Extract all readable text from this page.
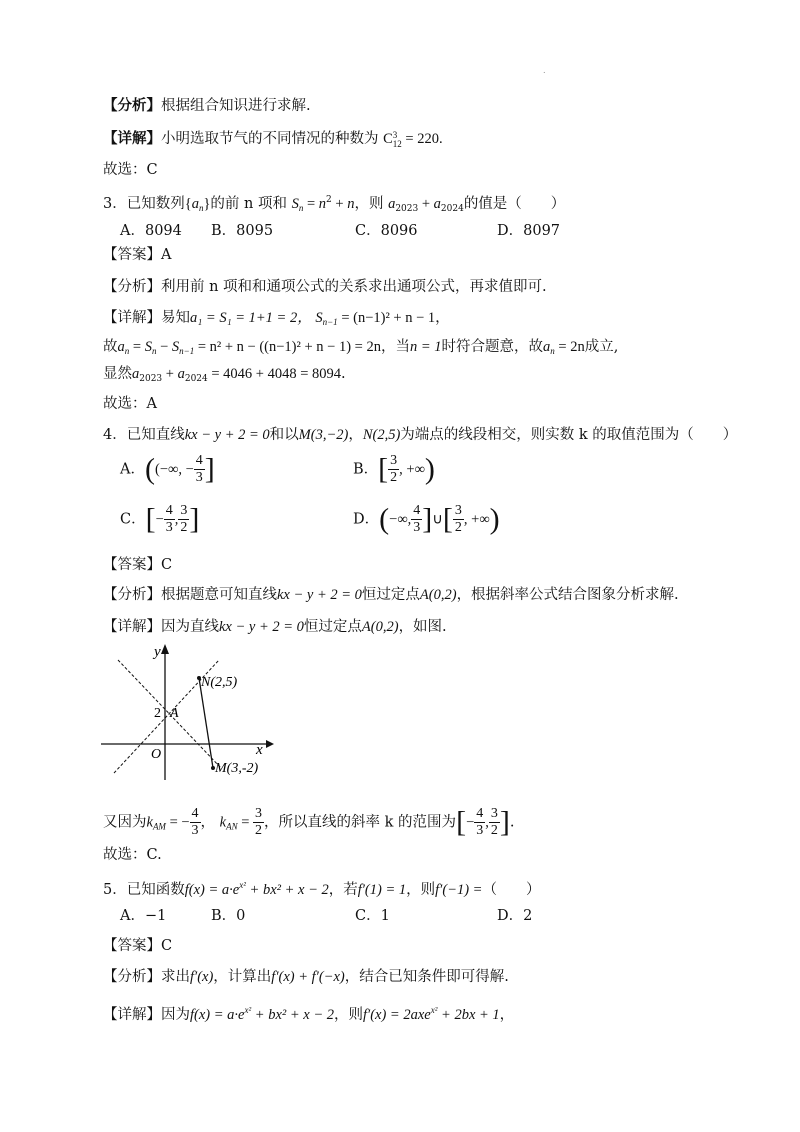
.
【分析】根据组合知识进行求解.
【详解】小明选取节气的不同情况的种数为 C 3
12 = 220.
故选：C
3．已知数列$\{a_n\}$的前 n 项和 $S_n = n^2 + n$，则 $a_{2023} + a_{2024}$的值是（　　）
A．8094 B．8095	C．8096	D．8097
【答案】A
【分析】利用前 n 项和和通项公式的关系求出通项公式，再求值即可.
【详解】易知a₁ = S₁ = 1+1 = 2， $S_{n-1} = (n-1)^2 + n - 1$，
故$a_n = S_n - S_{n-1} = n^2 + n - ((n-1)^2 + n - 1) = 2n$，当n = 1时符合题意，故$a_n = 2n$成立,
显然$a_{2023} + a_{2024} = 4046 + 4048 = 8094$.
故选：A
4．已知直线kx − y + 2 = 0和以M(3,−2)，N(2,5)为端点的线段相交，则实数 k 的取值范围为（　　）
A．((−∞, − $\frac{4}{3}$ ]	B．[ $\frac{3}{2}$ , +∞)
C．[− $\frac{4}{3}$ , $\frac{3}{2}$ ]	D．(−∞, $\frac{4}{3}$ ]∪[ $\frac{3}{2}$ , +∞)
【答案】C
【分析】根据题意可知直线kx − y + 2 = 0恒过定点A(0,2)，根据斜率公式结合图象分析求解.
【详解】因为直线kx − y + 2 = 0恒过定点A(0,2)，如图.
y
x
O
2 A
N(2,5)
M(3,-2)
又因为$k_{AM}$ = − $\frac{4}{3}$ ， $k_{AN} = \frac{3}{2}$ ，所以直线的斜率 k 的范围为[− $\frac{4}{3}$ , $\frac{3}{2}$ ].
故选：C.
5．已知函数$f(x) = a\cdot e^{x^2} + bx^2 + x - 2$，若f′(1) = 1，则f′(−1) =（　　）
A．−1	B．0	C．1	D．2
【答案】C
【分析】求出f′(x)，计算出f′(x) + f′(−x)，结合已知条件即可得解.
【详解】因为$f(x) = a\cdot e^{x^2} + bx^2 + x - 2$，则f′(x) = 2axe$^{x^2}$ + 2bx + 1，
